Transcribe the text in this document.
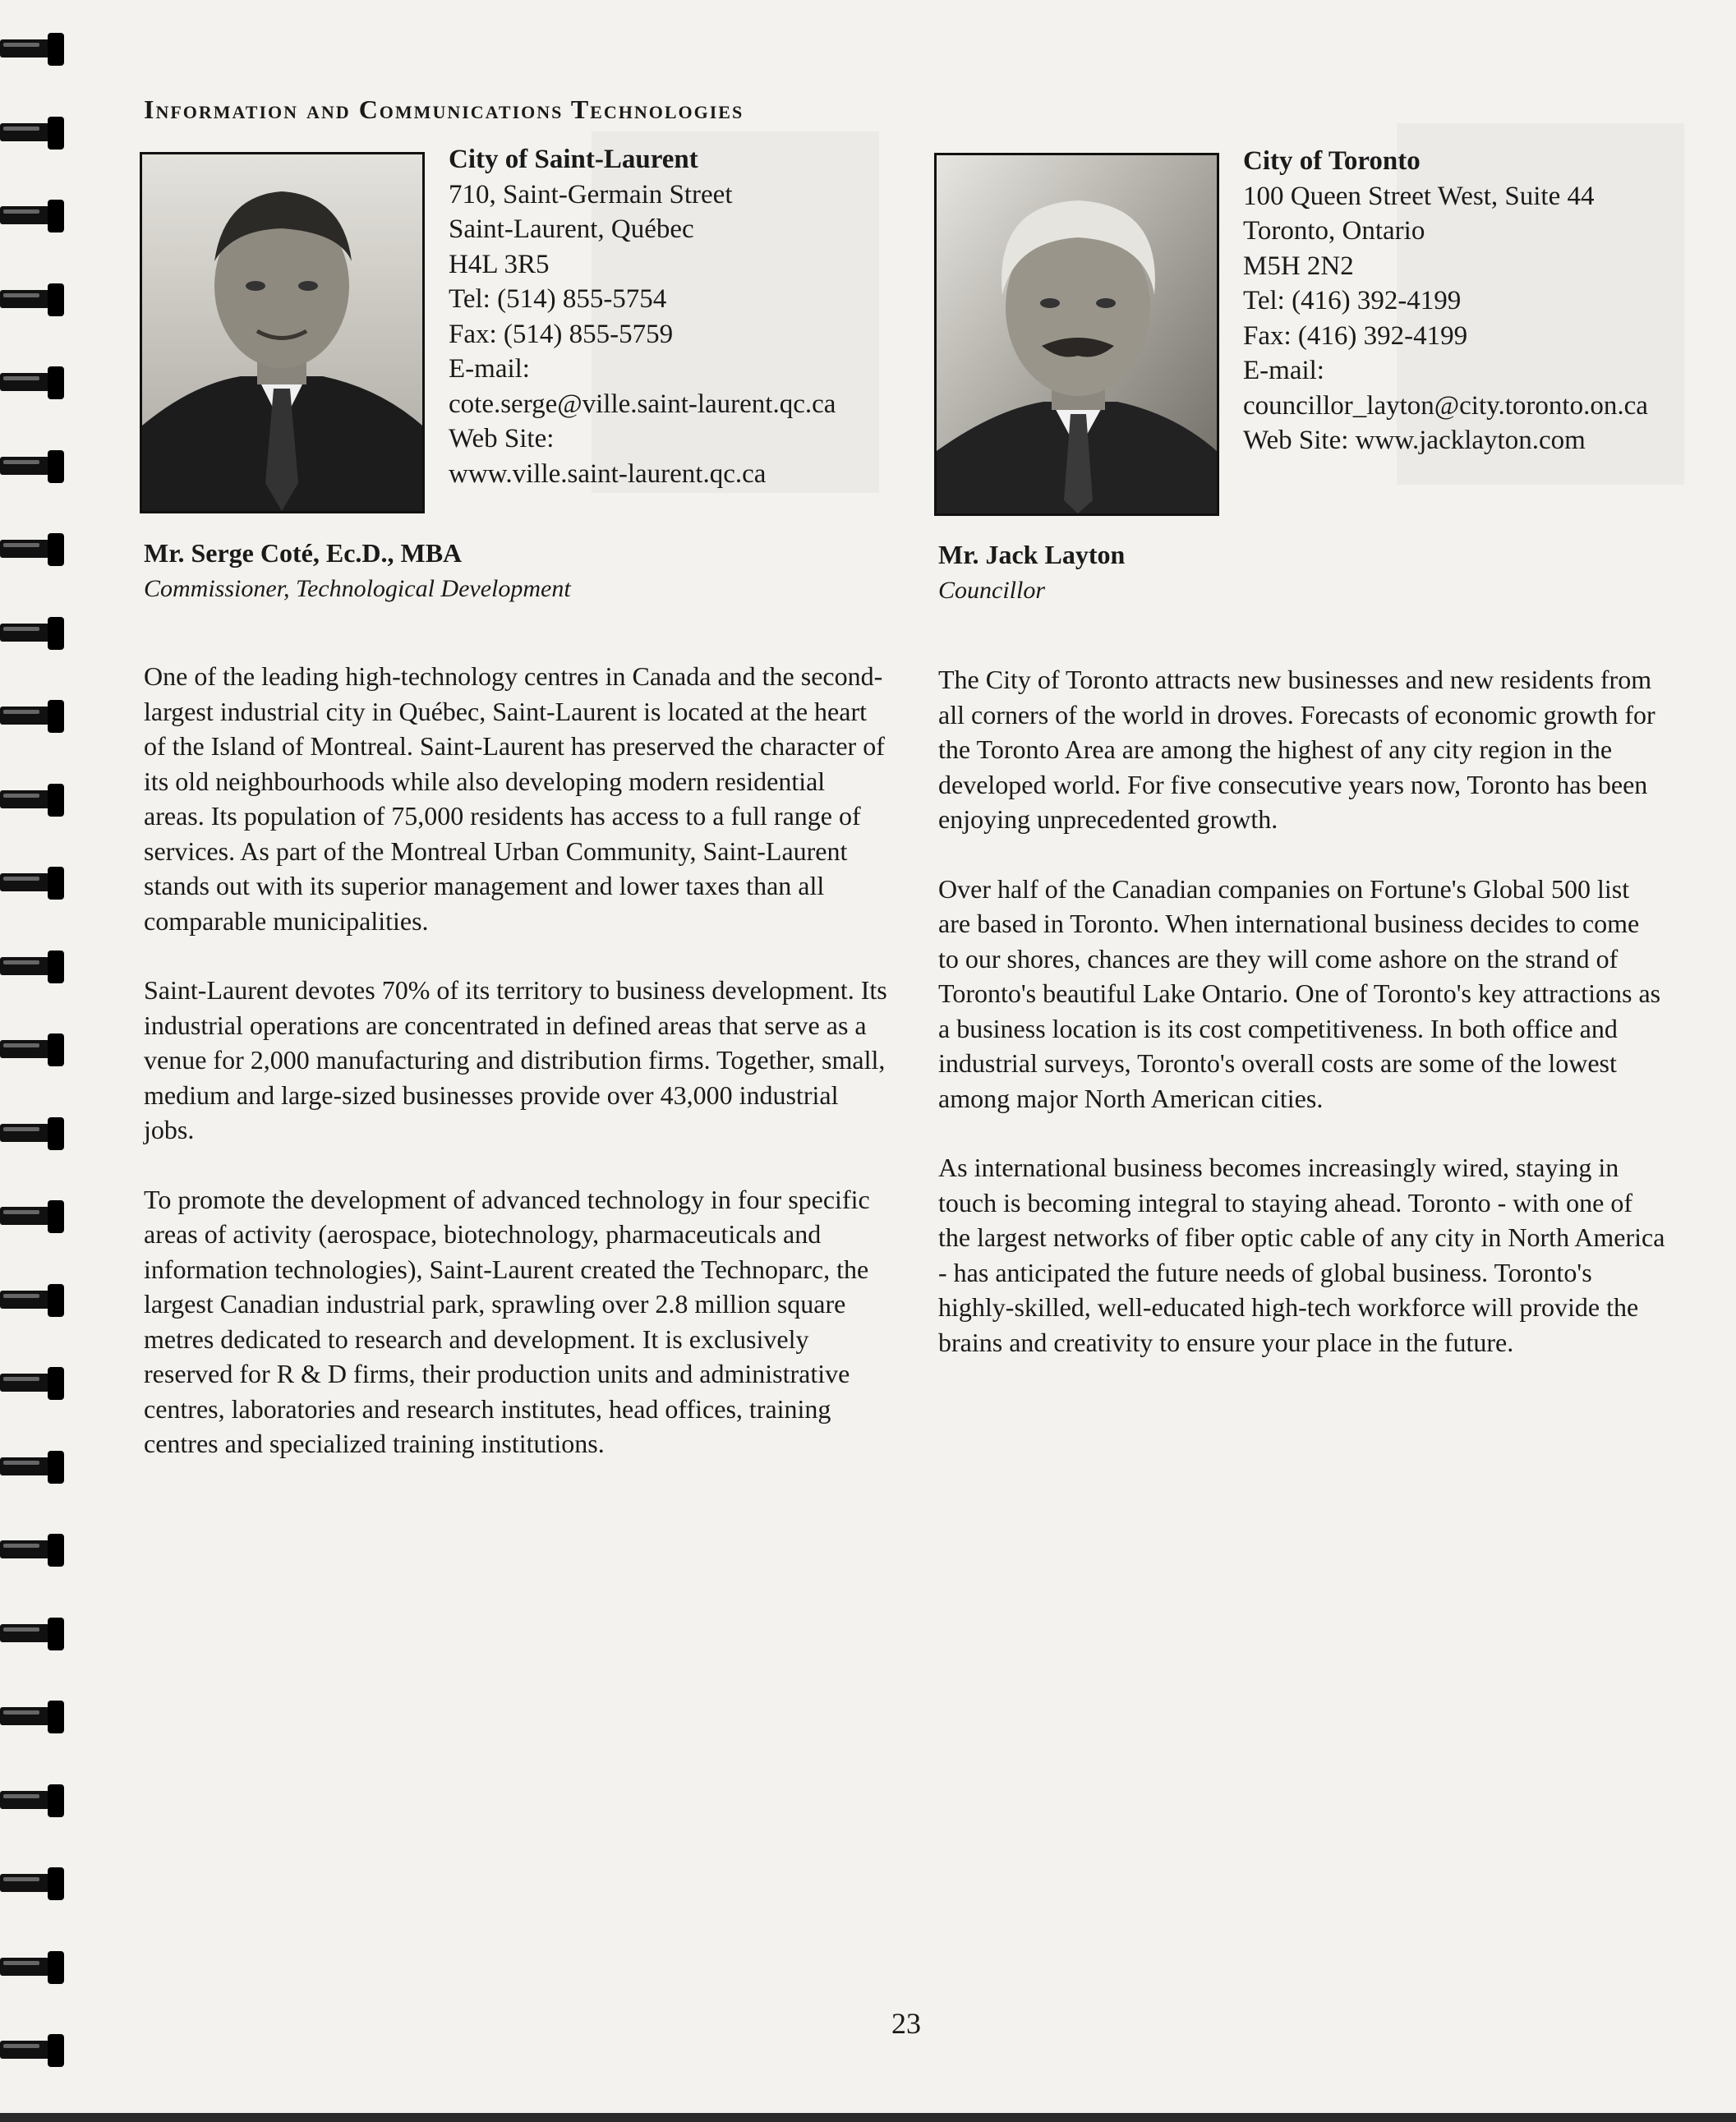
Information and Communications Technologies
City of Saint-Laurent
710, Saint-Germain Street
Saint-Laurent, Québec
H4L 3R5
Tel: (514) 855-5754
Fax: (514) 855-5759
E-mail:
cote.serge@ville.saint-laurent.qc.ca
Web Site:
www.ville.saint-laurent.qc.ca
Mr. Serge Coté, Ec.D., MBA

Commissioner, Technological Development

One of the leading high-technology centres in Canada and the second-largest industrial city in Québec, Saint-Laurent is located at the heart of the Island of Montreal. Saint-Laurent has preserved the character of its old neighbourhoods while also developing modern residential areas. Its population of 75,000 residents has access to a full range of services. As part of the Montreal Urban Community, Saint-Laurent stands out with its superior management and lower taxes than all comparable municipalities.

Saint-Laurent devotes 70% of its territory to business development. Its industrial operations are concentrated in defined areas that serve as a venue for 2,000 manufacturing and distribution firms. Together, small, medium and large-sized businesses provide over 43,000 industrial jobs.

To promote the development of advanced technology in four specific areas of activity (aerospace, biotechnology, pharmaceuticals and information technologies), Saint-Laurent created the Technoparc, the largest Canadian industrial park, sprawling over 2.8 million square metres dedicated to research and development. It is exclusively reserved for R & D firms, their production units and administrative centres, laboratories and research institutes, head offices, training centres and specialized training institutions.

City of Toronto
100 Queen Street West, Suite 44
Toronto, Ontario
M5H 2N2
Tel: (416) 392-4199
Fax: (416) 392-4199
E-mail:
councillor_layton@city.toronto.on.ca
Web Site: www.jacklayton.com
Mr. Jack Layton

Councillor

The City of Toronto attracts new businesses and new residents from all corners of the world in droves. Forecasts of economic growth for the Toronto Area are among the highest of any city region in the developed world. For five consecutive years now, Toronto has been enjoying unprecedented growth.

Over half of the Canadian companies on Fortune's Global 500 list are based in Toronto. When international business decides to come to our shores, chances are they will come ashore on the strand of Toronto's beautiful Lake Ontario. One of Toronto's key attractions as a business location is its cost competitiveness. In both office and industrial surveys, Toronto's overall costs are some of the lowest among major North American cities.

As international business becomes increasingly wired, staying in touch is becoming integral to staying ahead. Toronto - with one of the largest networks of fiber optic cable of any city in North America - has anticipated the future needs of global business. Toronto's highly-skilled, well-educated high-tech workforce will provide the brains and creativity to ensure your place in the future.

23
